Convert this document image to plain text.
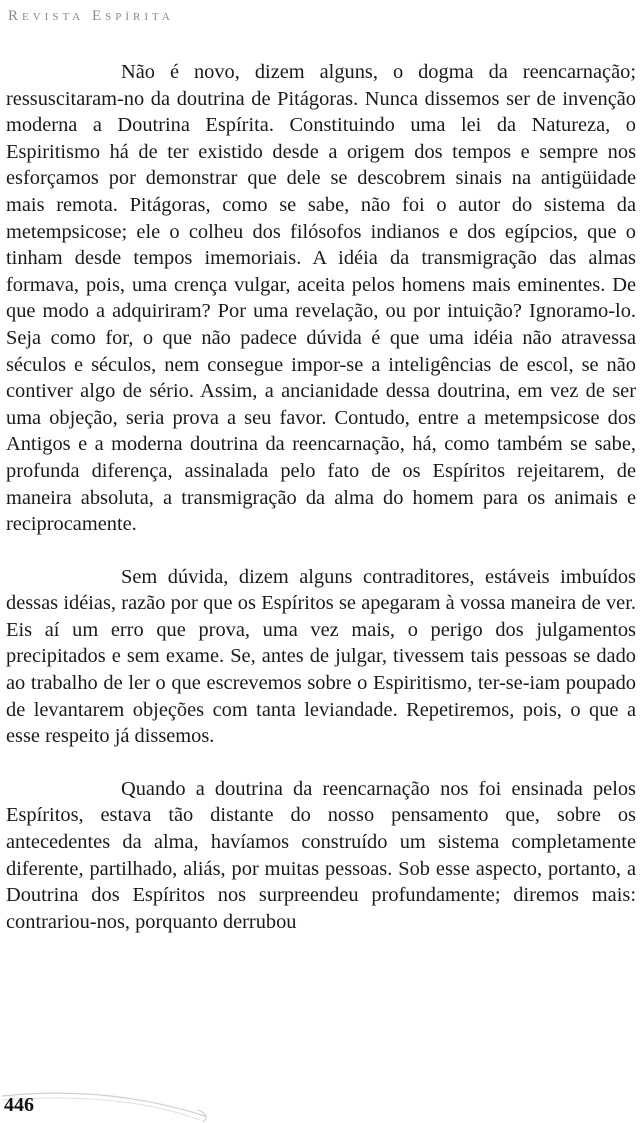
Revista Espírita

Não é novo, dizem alguns, o dogma da reencarnação; ressuscitaram-no da doutrina de Pitágoras. Nunca dissemos ser de invenção moderna a Doutrina Espírita. Constituindo uma lei da Natureza, o Espiritismo há de ter existido desde a origem dos tempos e sempre nos esforçamos por demonstrar que dele se descobrem sinais na antigüidade mais remota. Pitágoras, como se sabe, não foi o autor do sistema da metempsicose; ele o colheu dos filósofos indianos e dos egípcios, que o tinham desde tempos imemoriais. A idéia da transmigração das almas formava, pois, uma crença vulgar, aceita pelos homens mais eminentes. De que modo a adquiriram? Por uma revelação, ou por intuição? Ignoramo-lo. Seja como for, o que não padece dúvida é que uma idéia não atravessa séculos e séculos, nem consegue impor-se a inteligências de escol, se não contiver algo de sério. Assim, a ancianidade dessa doutrina, em vez de ser uma objeção, seria prova a seu favor. Contudo, entre a metempsicose dos Antigos e a moderna doutrina da reencarnação, há, como também se sabe, profunda diferença, assinalada pelo fato de os Espíritos rejeitarem, de maneira absoluta, a transmigração da alma do homem para os animais e reciprocamente.

Sem dúvida, dizem alguns contraditores, estáveis imbuídos dessas idéias, razão por que os Espíritos se apegaram à vossa maneira de ver. Eis aí um erro que prova, uma vez mais, o perigo dos julgamentos precipitados e sem exame. Se, antes de julgar, tivessem tais pessoas se dado ao trabalho de ler o que escrevemos sobre o Espiritismo, ter-se-iam poupado de levantarem objeções com tanta leviandade. Repetiremos, pois, o que a esse respeito já dissemos.

Quando a doutrina da reencarnação nos foi ensinada pelos Espíritos, estava tão distante do nosso pensamento que, sobre os antecedentes da alma, havíamos construído um sistema completamente diferente, partilhado, aliás, por muitas pessoas. Sob esse aspecto, portanto, a Doutrina dos Espíritos nos surpreendeu profundamente; diremos mais: contrariou-nos, porquanto derrubou

446
